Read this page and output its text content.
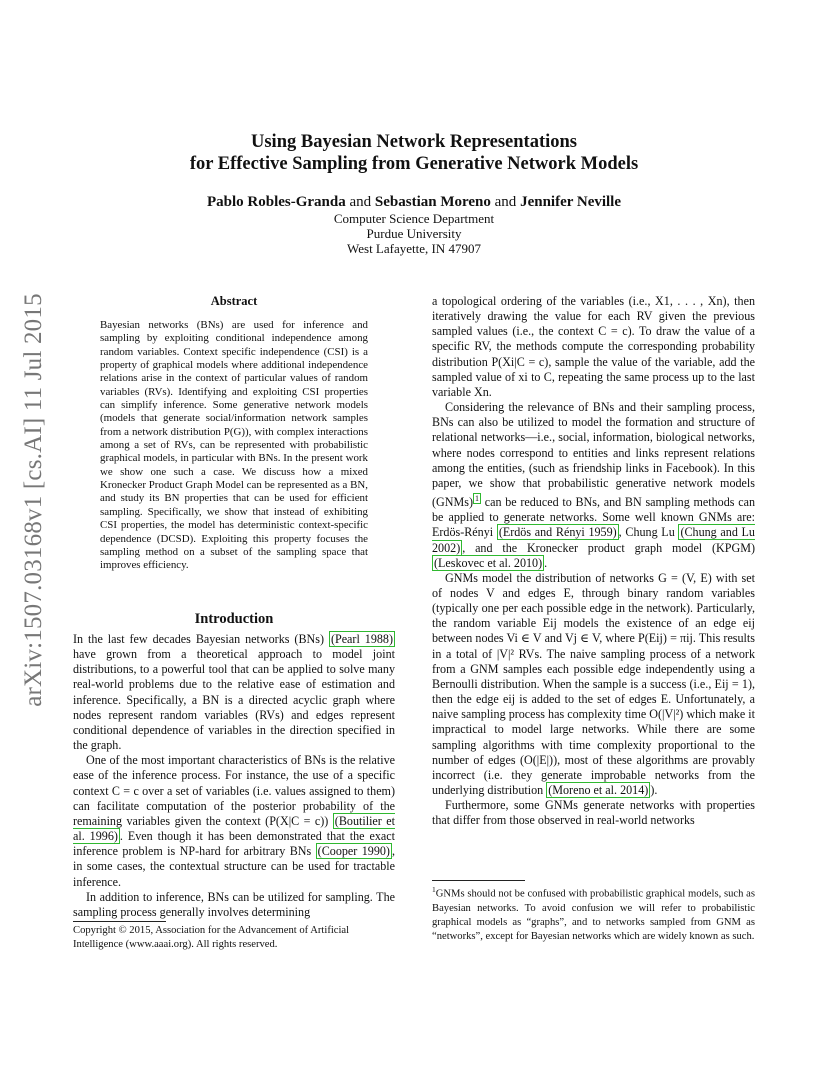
arXiv:1507.03168v1 [cs.AI] 11 Jul 2015
Using Bayesian Network Representations
for Effective Sampling from Generative Network Models
Pablo Robles-Granda and Sebastian Moreno and Jennifer Neville
Computer Science Department
Purdue University
West Lafayette, IN 47907
Abstract
Bayesian networks (BNs) are used for inference and sampling by exploiting conditional independence among random variables. Context specific independence (CSI) is a property of graphical models where additional independence relations arise in the context of particular values of random variables (RVs). Identifying and exploiting CSI properties can simplify inference. Some generative network models (models that generate social/information network samples from a network distribution P(G)), with complex interactions among a set of RVs, can be represented with probabilistic graphical models, in particular with BNs. In the present work we show one such a case. We discuss how a mixed Kronecker Product Graph Model can be represented as a BN, and study its BN properties that can be used for efficient sampling. Specifically, we show that instead of exhibiting CSI properties, the model has deterministic context-specific dependence (DCSD). Exploiting this property focuses the sampling method on a subset of the sampling space that improves efficiency.
Introduction

In the last few decades Bayesian networks (BNs) (Pearl 1988) have grown from a theoretical approach to model joint distributions, to a powerful tool that can be applied to solve many real-world problems due to the relative ease of estimation and inference. Specifically, a BN is a directed acyclic graph where nodes represent random variables (RVs) and edges represent conditional dependence of variables in the direction specified in the graph.

One of the most important characteristics of BNs is the relative ease of the inference process. For instance, the use of a specific context C = c over a set of variables (i.e. values assigned to them) can facilitate computation of the posterior probability of the remaining variables given the context (P(X|C = c)) (Boutilier et al. 1996) . Even though it has been demonstrated that the exact inference problem is NP-hard for arbitrary BNs (Cooper 1990) , in some cases, the contextual structure can be used for tractable inference.

In addition to inference, BNs can be utilized for sampling. The sampling process generally involves determining

Copyright © 2015, Association for the Advancement of Artificial Intelligence (www.aaai.org). All rights reserved.

a topological ordering of the variables (i.e., X1, . . . , Xn), then iteratively drawing the value for each RV given the previous sampled values (i.e., the context C = c). To draw the value of a specific RV, the methods compute the corresponding probability distribution P(Xi|C = c), sample the value of the variable, add the sampled value of xi to C, repeating the same process up to the last variable Xn.

Considering the relevance of BNs and their sampling process, BNs can also be utilized to model the formation and structure of relational networks—i.e., social, information, biological networks, where nodes correspond to entities and links represent relations among the entities, (such as friendship links in Facebook). In this paper, we show that probabilistic generative network models (GNMs) $^1$ can be reduced to BNs, and BN sampling methods can be applied to generate networks. Some well known GNMs are: Erdös-Rényi (Erdös and Rényi 1959) , Chung Lu (Chung and Lu 2002) , and the Kronecker product graph model (KPGM) (Leskovec et al. 2010) .

GNMs model the distribution of networks G = (V, E) with set of nodes V and edges E, through binary random variables (typically one per each possible edge in the network). Particularly, the random variable Eij models the existence of an edge eij between nodes Vi ∈ V and Vj ∈ V, where P(Eij) = πij. This results in a total of |V|² RVs. The naive sampling process of a network from a GNM samples each possible edge independently using a Bernoulli distribution. When the sample is a success (i.e., Eij = 1), then the edge eij is added to the set of edges E. Unfortunately, a naive sampling process has complexity time O(|V|²) which make it impractical to model large networks. While there are some sampling algorithms with time complexity proportional to the number of edges (O(|E|)), most of these algorithms are provably incorrect (i.e. they generate improbable networks from the underlying distribution (Moreno et al. 2014) ).

Furthermore, some GNMs generate networks with properties that differ from those observed in real-world networks

$^1$GNMs should not be confused with probabilistic graphical models, such as Bayesian networks. To avoid confusion we will refer to probabilistic graphical models as “graphs”, and to networks sampled from GNM as “networks”, except for Bayesian networks which are widely known as such.
